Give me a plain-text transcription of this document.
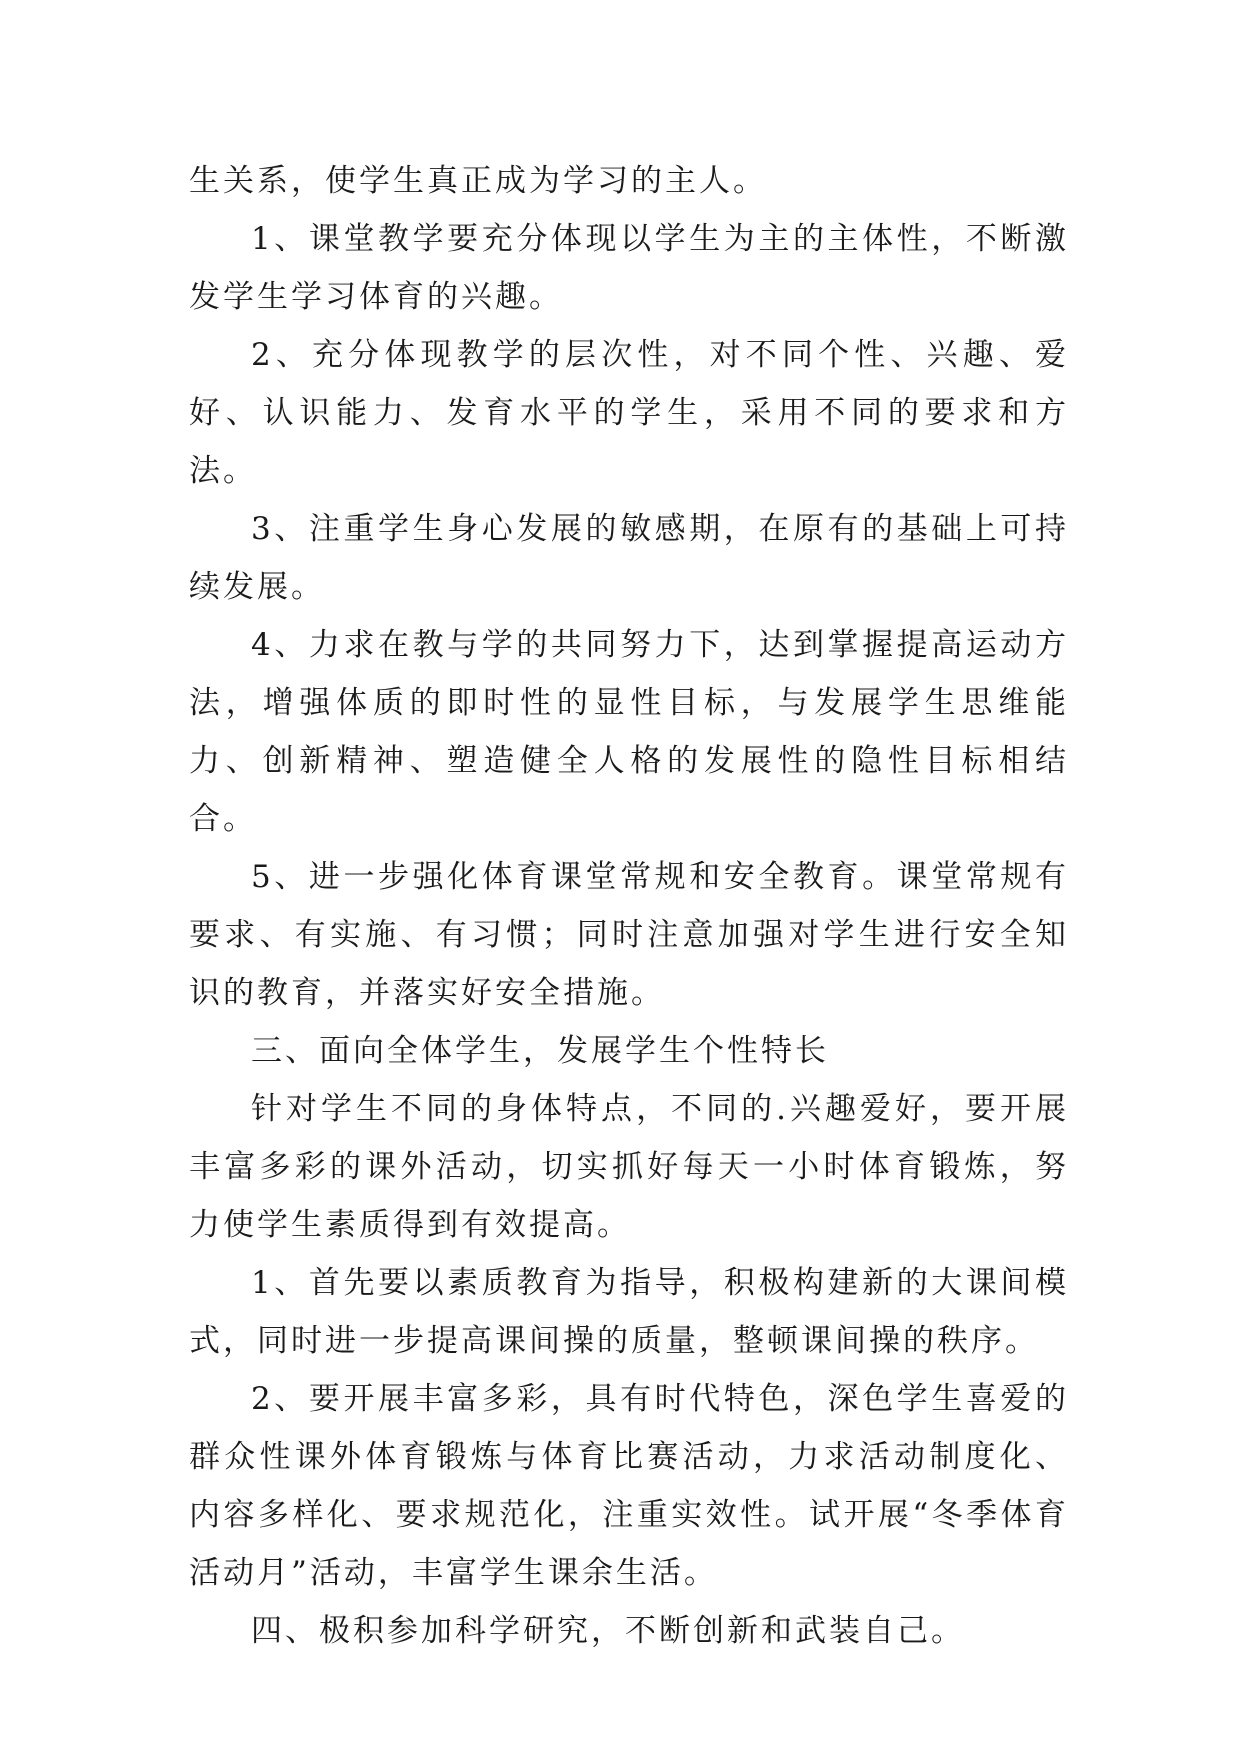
生关系，使学生真正成为学习的主人。

1、课堂教学要充分体现以学生为主的主体性，不断激发学生学习体育的兴趣。

2、充分体现教学的层次性，对不同个性、兴趣、爱好、认识能力、发育水平的学生，采用不同的要求和方法。

3、注重学生身心发展的敏感期，在原有的基础上可持续发展。

4、力求在教与学的共同努力下，达到掌握提高运动方法，增强体质的即时性的显性目标，与发展学生思维能力、创新精神、塑造健全人格的发展性的隐性目标相结合。

5、进一步强化体育课堂常规和安全教育。课堂常规有要求、有实施、有习惯；同时注意加强对学生进行安全知识的教育，并落实好安全措施。

三、面向全体学生，发展学生个性特长

针对学生不同的身体特点，不同的.兴趣爱好，要开展丰富多彩的课外活动，切实抓好每天一小时体育锻炼，努力使学生素质得到有效提高。

1、首先要以素质教育为指导，积极构建新的大课间模式，同时进一步提高课间操的质量，整顿课间操的秩序。

2、要开展丰富多彩，具有时代特色，深色学生喜爱的群众性课外体育锻炼与体育比赛活动，力求活动制度化、内容多样化、要求规范化，注重实效性。试开展“冬季体育活动月”活动，丰富学生课余生活。

四、极积参加科学研究，不断创新和武装自己。
